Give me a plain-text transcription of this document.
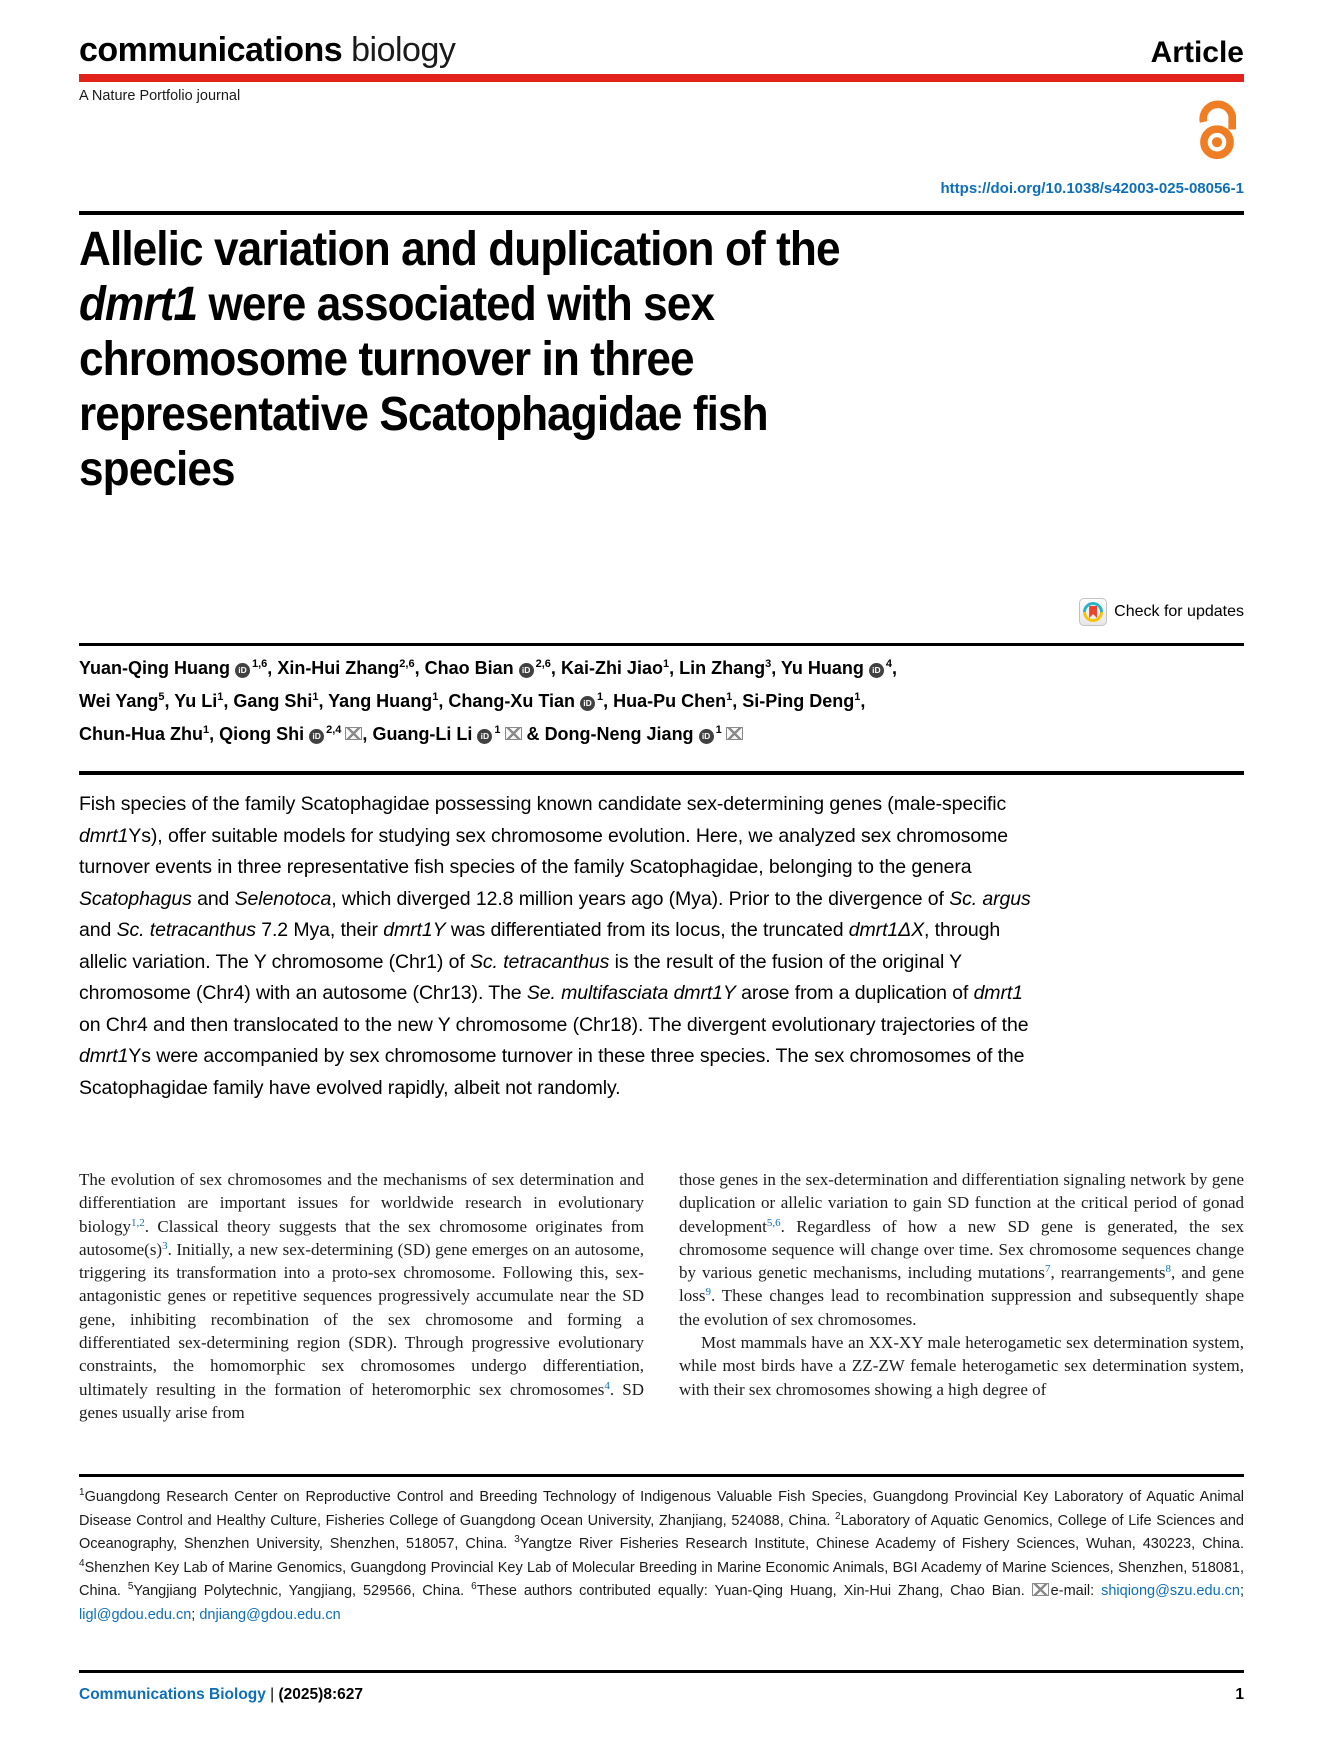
communications biology	Article
A Nature Portfolio journal
https://doi.org/10.1038/s42003-025-08056-1
Allelic variation and duplication of the
dmrt1 were associated with sex
chromosome turnover in three
representative Scatophagidae fish
species
Check for updates
Yuan-Qing Huang iD $^{1,6}$, Xin-Hui Zhang$^{2,6}$, Chao Bian iD $^{2,6}$, Kai-Zhi Jiao$^1$, Lin Zhang$^3$, Yu Huang iD $^4$,
Wei Yang$^5$, Yu Li$^1$, Gang Shi$^1$, Yang Huang$^1$, Chang-Xu Tian iD $^1$, Hua-Pu Chen$^1$, Si-Ping Deng$^1$,
Chun-Hua Zhu$^1$, Qiong Shi iD $^{2,4}$ , Guang-Li Li iD $^1$ & Dong-Neng Jiang iD $^1$
Fish species of the family Scatophagidae possessing known candidate sex-determining genes (male-specific dmrt1Ys), offer suitable models for studying sex chromosome evolution. Here, we analyzed sex chromosome turnover events in three representative fish species of the family Scatophagidae, belonging to the genera Scatophagus and Selenotoca, which diverged 12.8 million years ago (Mya). Prior to the divergence of Sc. argus and Sc. tetracanthus 7.2 Mya, their dmrt1Y was differentiated from its locus, the truncated dmrt1ΔX, through allelic variation. The Y chromosome (Chr1) of Sc. tetracanthus is the result of the fusion of the original Y chromosome (Chr4) with an autosome (Chr13). The Se. multifasciata dmrt1Y arose from a duplication of dmrt1 on Chr4 and then translocated to the new Y chromosome (Chr18). The divergent evolutionary trajectories of the dmrt1Ys were accompanied by sex chromosome turnover in these three species. The sex chromosomes of the Scatophagidae family have evolved rapidly, albeit not randomly.

The evolution of sex chromosomes and the mechanisms of sex determination and differentiation are important issues for worldwide research in evolutionary biology$^{1,2}$. Classical theory suggests that the sex chromosome originates from autosome(s)$^3$. Initially, a new sex-determining (SD) gene emerges on an autosome, triggering its transformation into a proto-sex chromosome. Following this, sex-antagonistic genes or repetitive sequences progressively accumulate near the SD gene, inhibiting recombination of the sex chromosome and forming a differentiated sex-determining region (SDR). Through progressive evolutionary constraints, the homomorphic sex chromosomes undergo differentiation, ultimately resulting in the formation of heteromorphic sex chromosomes$^4$. SD genes usually arise from

those genes in the sex-determination and differentiation signaling network by gene duplication or allelic variation to gain SD function at the critical period of gonad development$^{5,6}$. Regardless of how a new SD gene is generated, the sex chromosome sequence will change over time. Sex chromosome sequences change by various genetic mechanisms, including mutations$^7$, rearrangements$^8$, and gene loss$^9$. These changes lead to recombination suppression and subsequently shape the evolution of sex chromosomes.

Most mammals have an XX-XY male heterogametic sex determination system, while most birds have a ZZ-ZW female heterogametic sex determination system, with their sex chromosomes showing a high degree of

$^1$Guangdong Research Center on Reproductive Control and Breeding Technology of Indigenous Valuable Fish Species, Guangdong Provincial Key Laboratory of Aquatic Animal Disease Control and Healthy Culture, Fisheries College of Guangdong Ocean University, Zhanjiang, 524088, China. $^2$Laboratory of Aquatic Genomics, College of Life Sciences and Oceanography, Shenzhen University, Shenzhen, 518057, China. $^3$Yangtze River Fisheries Research Institute, Chinese Academy of Fishery Sciences, Wuhan, 430223, China. $^4$Shenzhen Key Lab of Marine Genomics, Guangdong Provincial Key Lab of Molecular Breeding in Marine Economic Animals, BGI Academy of Marine Sciences, Shenzhen, 518081, China. $^5$Yangjiang Polytechnic, Yangjiang, 529566, China. $^6$These authors contributed equally: Yuan-Qing Huang, Xin-Hui Zhang, Chao Bian. e-mail: shiqiong@szu.edu.cn; ligl@gdou.edu.cn; dnjiang@gdou.edu.cn
Communications Biology | (2025)8:627	1
